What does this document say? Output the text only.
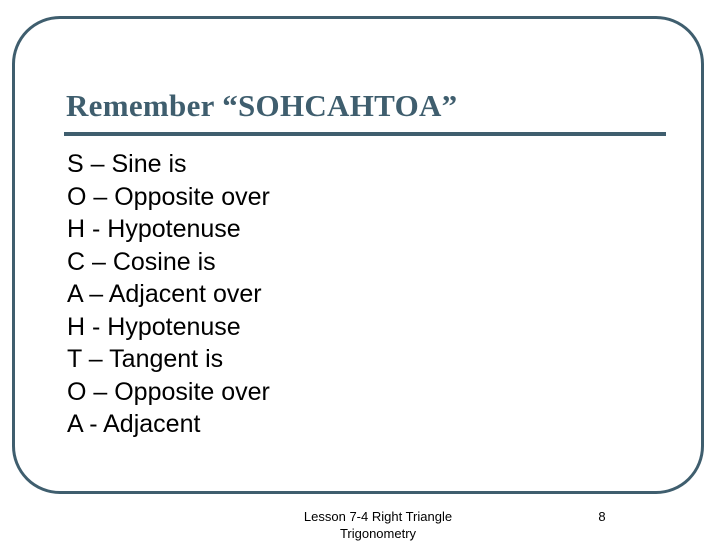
Remember “SOHCAHTOA”
S – Sine is
O – Opposite over
H - Hypotenuse
C – Cosine is
A – Adjacent over
H - Hypotenuse
T – Tangent is
O – Opposite over
A - Adjacent
Lesson 7-4 Right Triangle Trigonometry
8
